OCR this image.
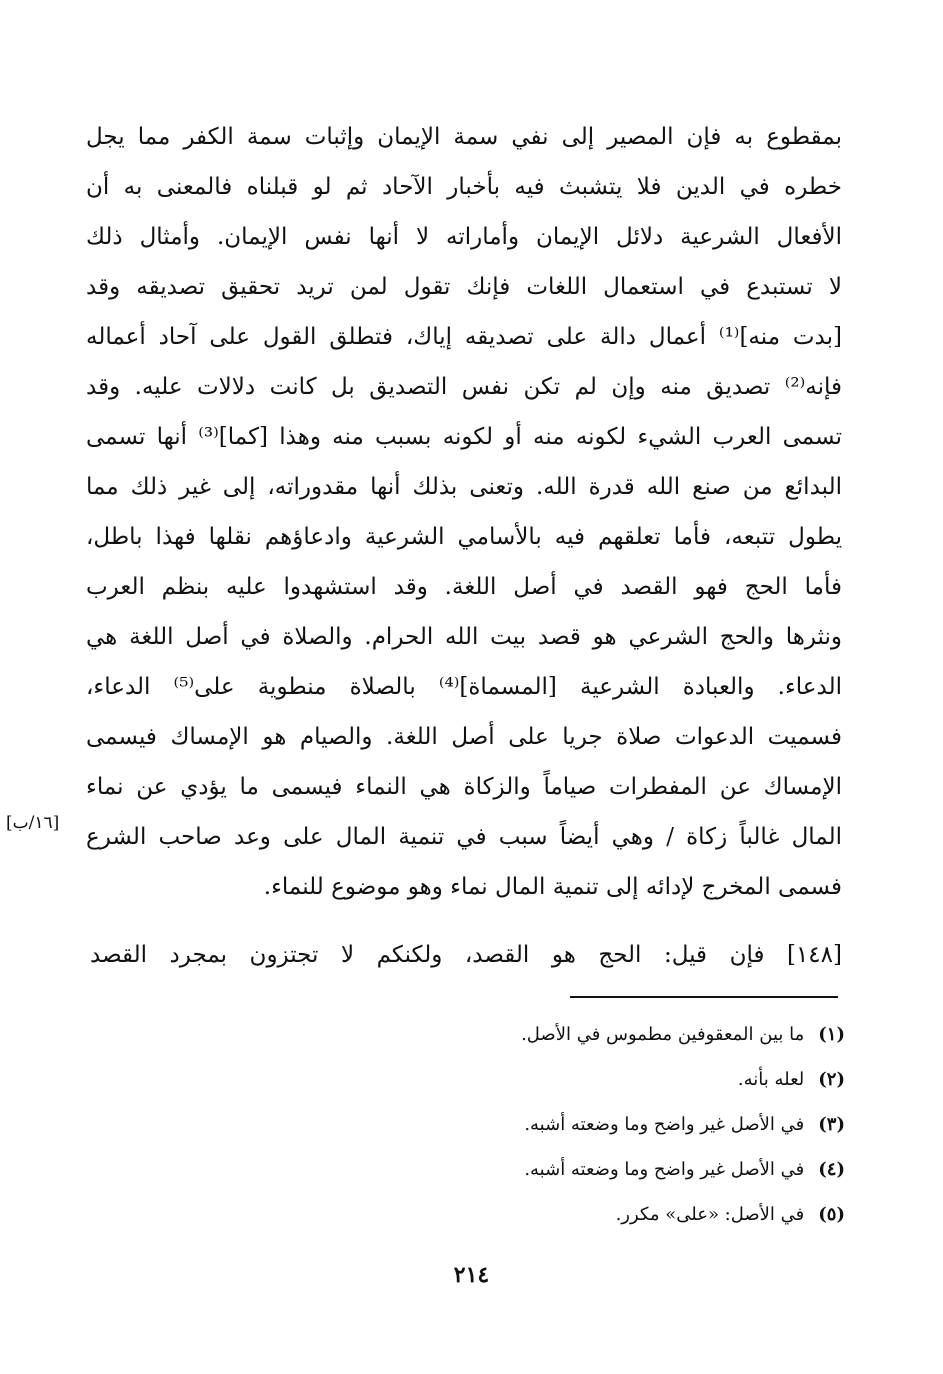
بمقطوع به فإن المصير إلى نفي سمة الإيمان وإثبات سمة الكفر مما يجل
خطره في الدين فلا يتشبث فيه بأخبار الآحاد ثم لو قبلناه فالمعنى به أن
الأفعال الشرعية دلائل الإيمان وأماراته لا أنها نفس الإيمان. وأمثال ذلك
لا تستبدع في استعمال اللغات فإنك تقول لمن تريد تحقيق تصديقه وقد
[بدت منه]⁽¹⁾ أعمال دالة على تصديقه إياك، فتطلق القول على آحاد أعماله
فإنه⁽²⁾ تصديق منه وإن لم تكن نفس التصديق بل كانت دلالات عليه. وقد
تسمى العرب الشيء لكونه منه أو لكونه بسبب منه وهذا [كما]⁽³⁾ أنها تسمى
البدائع من صنع الله قدرة الله. وتعنى بذلك أنها مقدوراته، إلى غير ذلك مما
يطول تتبعه، فأما تعلقهم فيه بالأسامي الشرعية وادعاؤهم نقلها فهذا باطل،
فأما الحج فهو القصد في أصل اللغة. وقد استشهدوا عليه بنظم العرب
ونثرها والحج الشرعي هو قصد بيت الله الحرام. والصلاة في أصل اللغة هي
الدعاء. والعبادة الشرعية [المسماة]⁽⁴⁾ بالصلاة منطوية على⁽⁵⁾ الدعاء،
فسميت الدعوات صلاة جريا على أصل اللغة. والصيام هو الإمساك فيسمى
الإمساك عن المفطرات صياماً والزكاة هي النماء فيسمى ما يؤدي عن نماء
المال غالباً زكاة / وهي أيضاً سبب في تنمية المال على وعد صاحب الشرع
فسمى المخرج لإدائه إلى تنمية المال نماء وهو موضوع للنماء.
[١٦/ب]
[١٤٨] فإن قيل: الحج هو القصد، ولكنكم لا تجتزون بمجرد القصد
(١)ما بين المعقوفين مطموس في الأصل.
(٢)لعله بأنه.
(٣)في الأصل غير واضح وما وضعته أشبه.
(٤)في الأصل غير واضح وما وضعته أشبه.
(٥)في الأصل: «على» مكرر.
٢١٤
